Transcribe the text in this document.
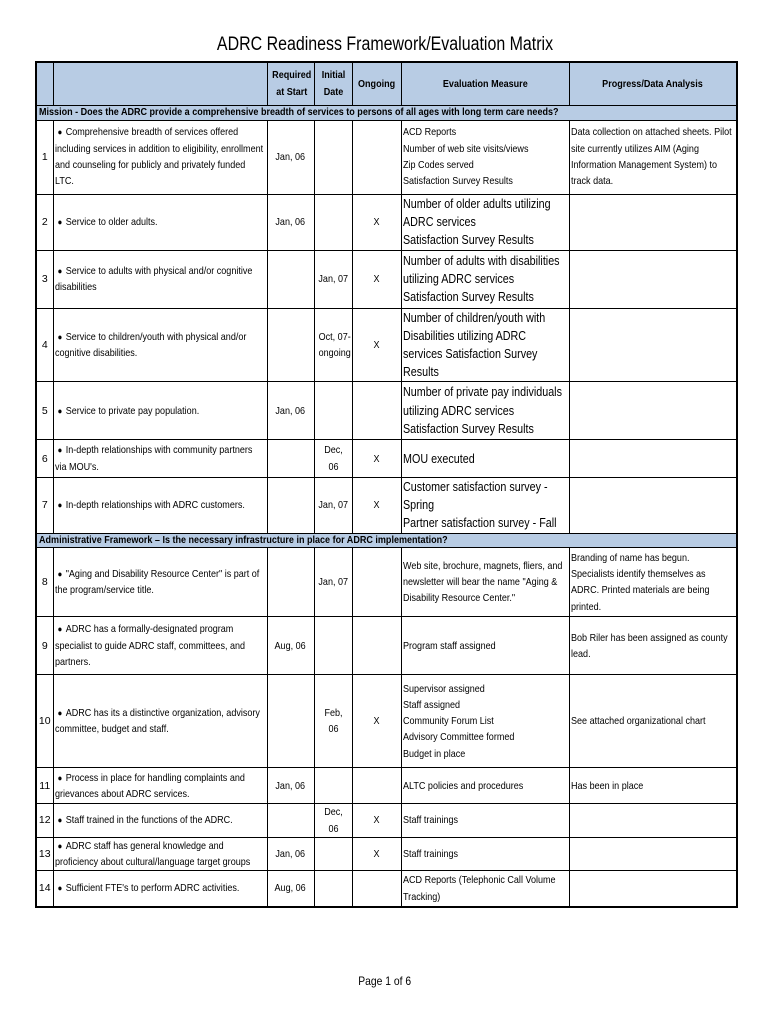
ADRC Readiness Framework/Evaluation Matrix
		Required at Start	Initial Date	Ongoing	Evaluation Measure	Progress/Data Analysis
Mission - Does the ADRC provide a comprehensive breadth of services to persons of all ages with long term care needs?						
1	● Comprehensive breadth of services offered including services in addition to eligibility, enrollment and counseling for publicly and privately funded LTC.	Jan, 06			ACD Reports
Number of web site visits/views
Zip Codes served
Satisfaction Survey Results	Data collection on attached sheets. Pilot site currently utilizes AIM (Aging Information Management System) to track data.
2	● Service to older adults.	Jan, 06		X	Number of older adults utilizing ADRC services
Satisfaction Survey Results	

3	● Service to adults with physical and/or cognitive disabilities		Jan, 07	X	Number of adults with disabilities utilizing ADRC services
Satisfaction Survey Results	

4	● Service to children/youth with physical and/or cognitive disabilities.		Oct, 07- ongoing	X	Number of children/youth with Disabilities utilizing ADRC services Satisfaction Survey Results	

5	● Service to private pay population.	Jan, 06			Number of private pay individuals utilizing ADRC services
Satisfaction Survey Results	

6	● In-depth relationships with community partners via MOU's.		Dec, 06	X	MOU executed	

7	● In-depth relationships with ADRC customers.		Jan, 07	X	Customer satisfaction survey - Spring
Partner satisfaction survey - Fall	

Administrative Framework – Is the necessary infrastructure in place for ADRC implementation?						
8	● "Aging and Disability Resource Center" is part of the program/service title.		Jan, 07		Web site, brochure, magnets, fliers, and newsletter will bear the name "Aging & Disability Resource Center."	Branding of name has begun. Specialists identify themselves as ADRC. Printed materials are being printed.
9	● ADRC has a formally-designated program specialist to guide ADRC staff, committees, and partners.	Aug, 06			Program staff assigned	Bob Riler has been assigned as county lead.
10	● ADRC has its a distinctive organization, advisory committee, budget and staff.		Feb, 06	X	Supervisor assigned
Staff assigned
Community Forum List
Advisory Committee formed
Budget in place	See attached organizational chart
11	● Process in place for handling complaints and grievances about ADRC services.	Jan, 06			ALTC policies and procedures	Has been in place
12	● Staff trained in the functions of the ADRC.		Dec, 06	X	Staff trainings	

13	● ADRC staff has general knowledge and proficiency about cultural/language target groups	Jan, 06		X	Staff trainings	

14	● Sufficient FTE's to perform ADRC activities.	Aug, 06			ACD Reports (Telephonic Call Volume Tracking)	

Page 1 of 6
